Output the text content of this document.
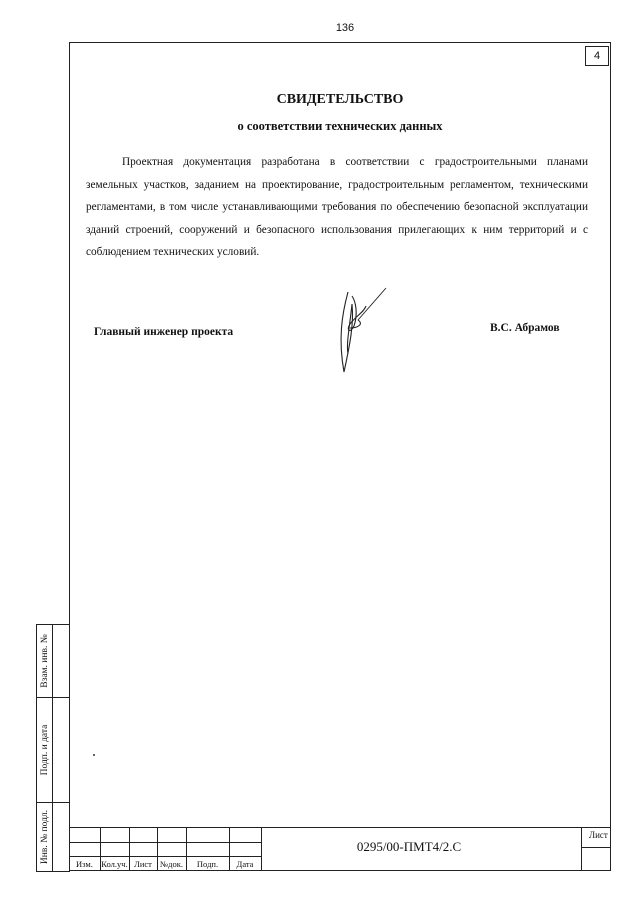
136
4
СВИДЕТЕЛЬСТВО
о соответствии технических данных

Проектная документация разработана в соответствии с градостроительными планами земельных участков, заданием на проектирование, градостроительным регламентом, техническими регламентами, в том числе устанавливающими требования по обеспечению безопасной эксплуатации зданий строений, сооружений и безопасного использования прилегающих к ним территорий и с соблюдением технических условий.

Главный инженер проекта	В.С. Абрамов
Взам. инв. №
Подп. и дата
Инв. № подл.	Изм. Кол.уч. Лист №док.	Подп.	Дата
0295/00-ПМТ4/2.С
Лист
